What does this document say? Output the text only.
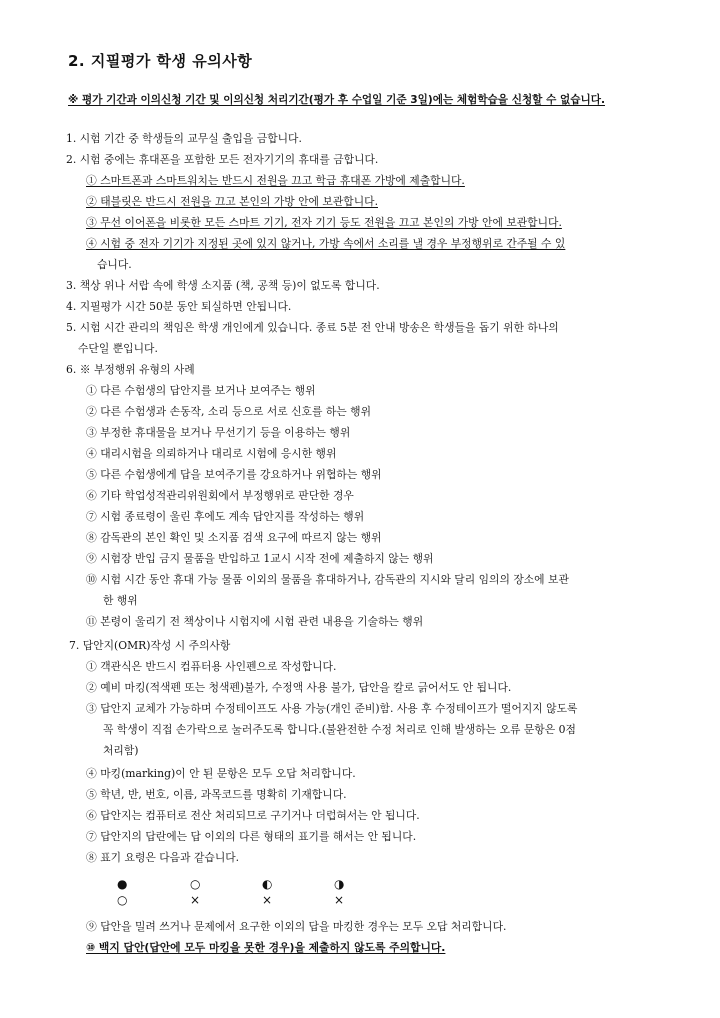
2. 지필평가 학생 유의사항
※ 평가 기간과 이의신청 기간 및 이의신청 처리기간(평가 후 수업일 기준 3일)에는 체험학습을 신청할 수 없습니다.
1. 시험 기간 중 학생들의 교무실 출입을 금합니다.
2. 시험 중에는 휴대폰을 포함한 모든 전자기기의 휴대를 금합니다.
① 스마트폰과 스마트워치는 반드시 전원을 끄고 학급 휴대폰 가방에 제출합니다.
② 태블릿은 반드시 전원을 끄고 본인의 가방 안에 보관합니다.
③ 무선 이어폰을 비롯한 모든 스마트 기기, 전자 기기 등도 전원을 끄고 본인의 가방 안에 보관합니다.
④ 시험 중 전자 기기가 지정된 곳에 있지 않거나, 가방 속에서 소리를 낼 경우 부정행위로 간주될 수 있
습니다.
3. 책상 위나 서랍 속에 학생 소지품 (책, 공책 등)이 없도록 합니다.
4. 지필평가 시간 50분 동안 퇴실하면 안됩니다.
5. 시험 시간 관리의 책임은 학생 개인에게 있습니다. 종료 5분 전 안내 방송은 학생들을 돕기 위한 하나의
수단일 뿐입니다.
6. ※ 부정행위 유형의 사례
① 다른 수험생의 답안지를 보거나 보여주는 행위
② 다른 수험생과 손동작, 소리 등으로 서로 신호를 하는 행위
③ 부정한 휴대물을 보거나 무선기기 등을 이용하는 행위
④ 대리시험을 의뢰하거나 대리로 시험에 응시한 행위
⑤ 다른 수험생에게 답을 보여주기를 강요하거나 위협하는 행위
⑥ 기타 학업성적관리위원회에서 부정행위로 판단한 경우
⑦ 시험 종료령이 울린 후에도 계속 답안지를 작성하는 행위
⑧ 감독관의 본인 확인 및 소지품 검색 요구에 따르지 않는 행위
⑨ 시험장 반입 금지 물품을 반입하고 1교시 시작 전에 제출하지 않는 행위
⑩ 시험 시간 동안 휴대 가능 물품 이외의 물품을 휴대하거나, 감독관의 지시와 달리 임의의 장소에 보관
한 행위
⑪ 본령이 울리기 전 책상이나 시험지에 시험 관련 내용을 기술하는 행위
7. 답안지(OMR)작성 시 주의사항
① 객관식은 반드시 컴퓨터용 사인펜으로 작성합니다.
② 예비 마킹(적색펜 또는 청색펜)불가, 수정액 사용 불가, 답안을 칼로 긁어서도 안 됩니다.
③ 답안지 교체가 가능하며 수정테이프도 사용 가능(개인 준비)함. 사용 후 수정테이프가 떨어지지 않도록
꼭 학생이 직접 손가락으로 눌러주도록 합니다.(불완전한 수정 처리로 인해 발생하는 오류 문항은 0점
처리함)
④ 마킹(marking)이 안 된 문항은 모두 오답 처리합니다.
⑤ 학년, 반, 번호, 이름, 과목코드를 명확히 기재합니다.
⑥ 답안지는 컴퓨터로 전산 처리되므로 구기거나 더럽혀서는 안 됩니다.
⑦ 답안지의 답란에는 답 이외의 다른 형태의 표기를 해서는 안 됩니다.
⑧ 표기 요령은 다음과 같습니다.
●	○	◐	◑
○	×	×	×
⑨ 답안을 밀려 쓰거나 문제에서 요구한 이외의 답을 마킹한 경우는 모두 오답 처리합니다.
⑩ 백지 답안(답안에 모두 마킹을 못한 경우)을 제출하지 않도록 주의합니다.
